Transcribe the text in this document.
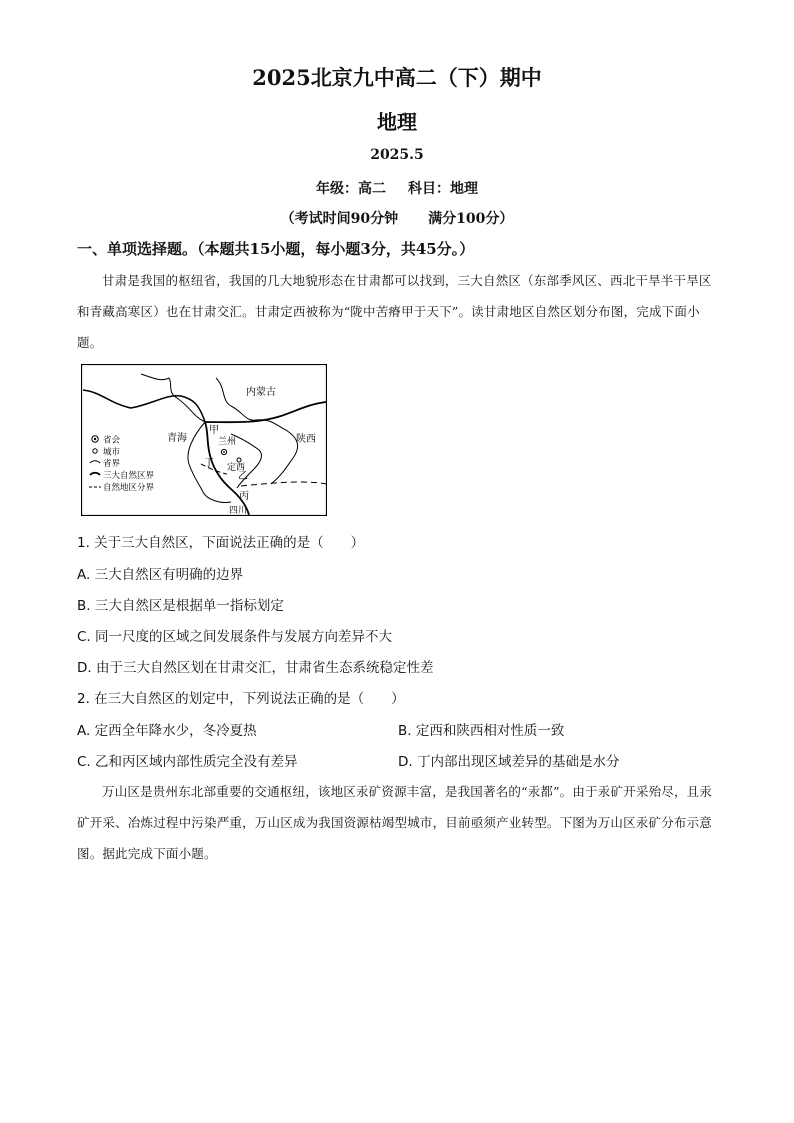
2025北京九中高二（下）期中
地理
2025.5
年级：高二 科目：地理
（考试时间90分钟 满分100分）
一、单项选择题。（本题共15小题，每小题3分，共45分。）
甘肃是我国的枢纽省，我国的几大地貌形态在甘肃都可以找到，三大自然区（东部季风区、西北干旱半干旱区和青藏高寒区）也在甘肃交汇。甘肃定西被称为“陇中苦瘠甲于天下”。读甘肃地区自然区划分布图，完成下面小题。
内蒙古
青海
甲
兰州	陕西
定西
乙
丁
丙
四川
省会
城市
省界
三大自然区界
自然地区分界
1. 关于三大自然区，下面说法正确的是（　　）
A. 三大自然区有明确的边界
B. 三大自然区是根据单一指标划定
C. 同一尺度的区域之间发展条件与发展方向差异不大
D. 由于三大自然区划在甘肃交汇，甘肃省生态系统稳定性差
2. 在三大自然区的划定中，下列说法正确的是（　　）
A. 定西全年降水少，冬冷夏热	B. 定西和陕西相对性质一致
C. 乙和丙区域内部性质完全没有差异	D. 丁内部出现区域差异的基础是水分
万山区是贵州东北部重要的交通枢纽，该地区汞矿资源丰富，是我国著名的“汞都”。由于汞矿开采殆尽，且汞矿开采、冶炼过程中污染严重，万山区成为我国资源枯竭型城市，目前亟须产业转型。下图为万山区汞矿分布示意图。据此完成下面小题。
